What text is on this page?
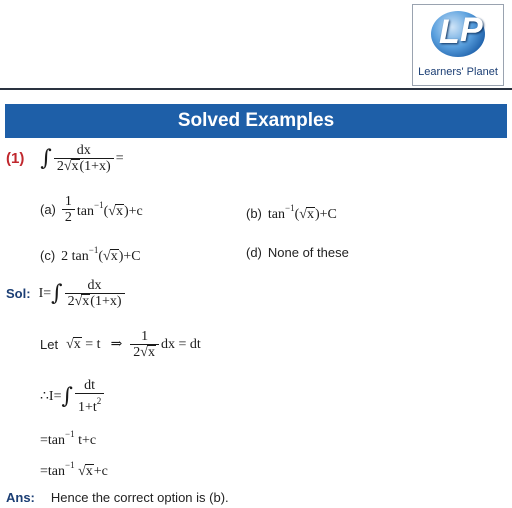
L P
Learners' Planet
Solved Examples
(1) ∫ $\frac{dx}{2√x(1+x)}$ =
$(a) \frac{1}{2} \tan^{-1}(√x)+c$	(b) $\tan^{-1}(√x)+C$
(c) 2 $\tan^{-1}(√x)+C$	(d) None of these
Sol: I= ∫ $\frac{dx}{2√x(1+x)}$
Let √x = t ⇒ $\frac{1}{2√x}$ dx = dt
∴ I= ∫ $\frac{dt}{1+t^2}$
$=\tan^{-1}$ t+c
$=\tan^{-1}$ √x+c
Ans: Hence the correct option is (b).
